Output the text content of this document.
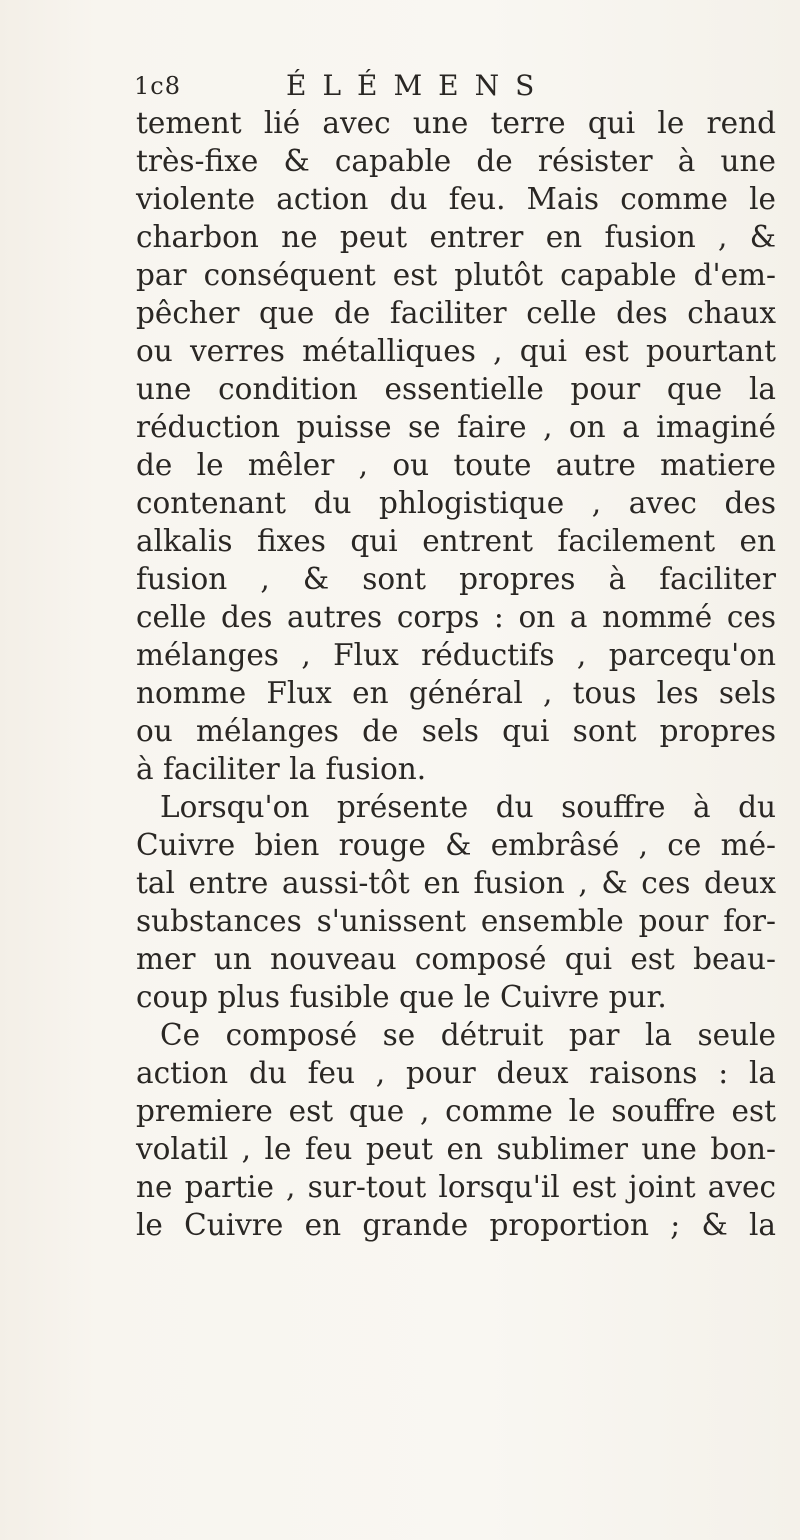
1c8	ÉLÉMENS
tement lié avec une terre qui le rend
très-fixe & capable de résister à une
violente action du feu. Mais comme le
charbon ne peut entrer en fusion , &
par conséquent est plutôt capable d'em-
pêcher que de faciliter celle des chaux
ou verres métalliques , qui est pourtant
une condition essentielle pour que la
réduction puisse se faire , on a imaginé
de le mêler , ou toute autre matiere
contenant du phlogistique , avec des
alkalis fixes qui entrent facilement en
fusion , & sont propres à faciliter
celle des autres corps : on a nommé ces
mélanges , Flux réductifs , parcequ'on
nomme Flux en général , tous les sels
ou mélanges de sels qui sont propres
à faciliter la fusion.
Lorsqu'on présente du souffre à du
Cuivre bien rouge & embrâsé , ce mé-
tal entre aussi-tôt en fusion , & ces deux
substances s'unissent ensemble pour for-
mer un nouveau composé qui est beau-
coup plus fusible que le Cuivre pur.
Ce composé se détruit par la seule
action du feu , pour deux raisons : la
premiere est que , comme le souffre est
volatil , le feu peut en sublimer une bon-
ne partie , sur-tout lorsqu'il est joint avec
le Cuivre en grande proportion ; & la
